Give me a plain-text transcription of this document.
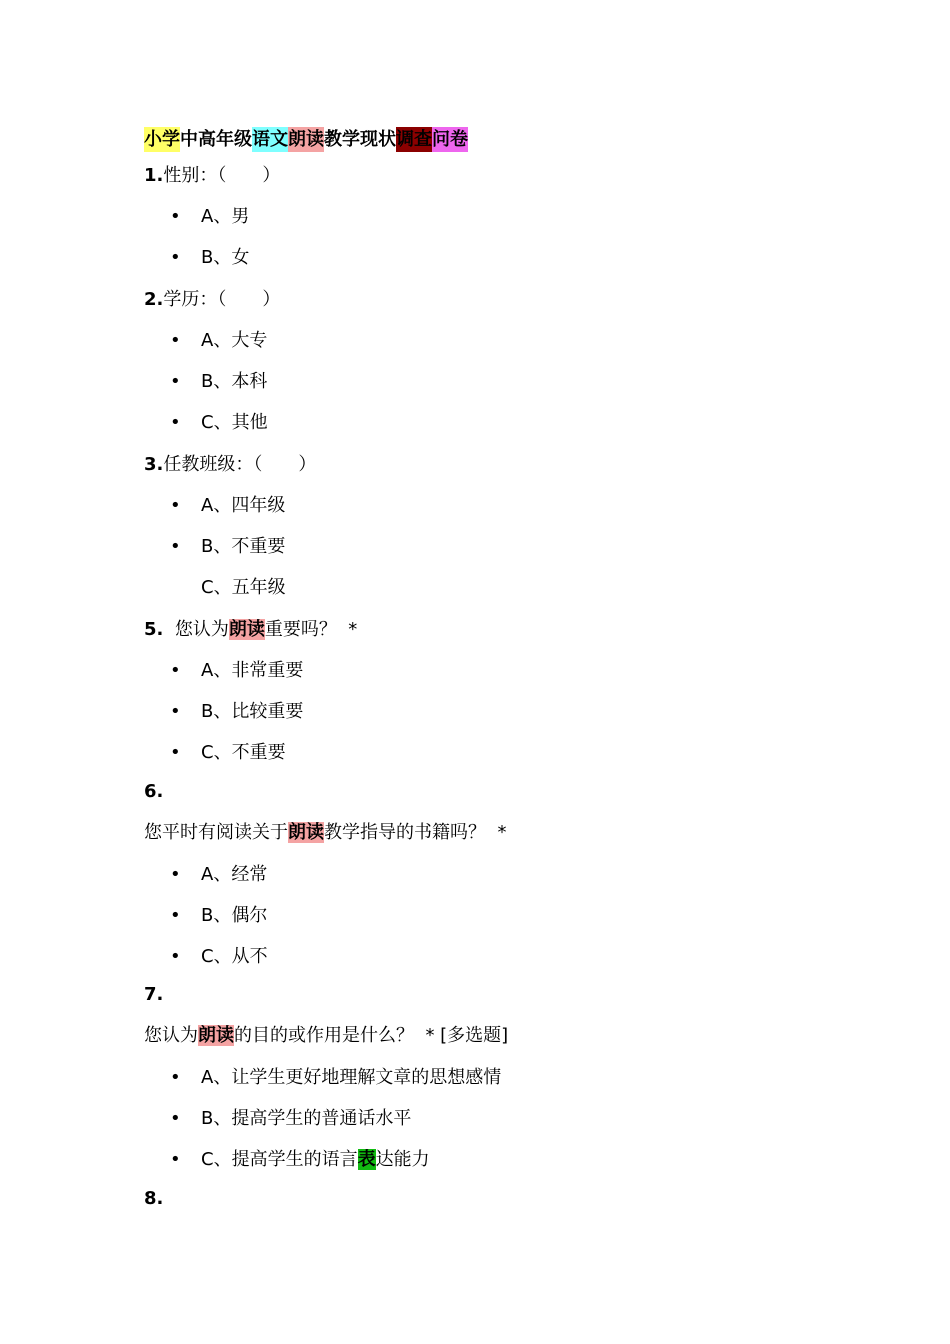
小学中高年级语文朗读教学现状调查问卷
1.性别：（　　）
• A、男
• B、女
2.学历：（　　）
• A、大专
• B、本科
• C、其他
3.任教班级：（　　）
• A、四年级
• B、不重要
C、五年级
5.  您认为朗读重要吗？  *
• A、非常重要
• B、比较重要
• C、不重要
6.
您平时有阅读关于朗读教学指导的书籍吗？  *
• A、经常
• B、偶尔
• C、从不
7.
您认为朗读的目的或作用是什么？  * [多选题]
• A、让学生更好地理解文章的思想感情
• B、提高学生的普通话水平
• C、提高学生的语言表达能力
8.
